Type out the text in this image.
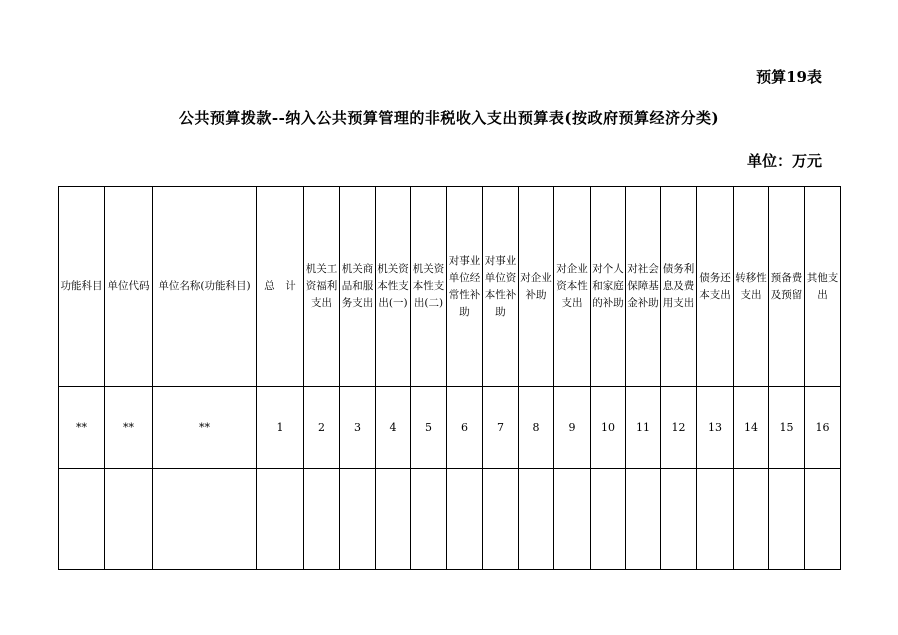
预算19表
公共预算拨款--纳入公共预算管理的非税收入支出预算表(按政府预算经济分类)
单位：万元
功能科目	单位代码	单位名称(功能科目)	总　计	机关工资福利支出	机关商品和服务支出	机关资本性支出(一)	机关资本性支出(二)	对事业单位经常性补助	对事业单位资本性补助	对企业补助	对企业资本性支出	对个人和家庭的补助	对社会保障基金补助	债务利息及费用支出	债务还本支出	转移性支出	预备费及预留	其他支出
**	**	**	1	2	3	4	5	6	7	8	9	10	11	12	13	14	15	16
